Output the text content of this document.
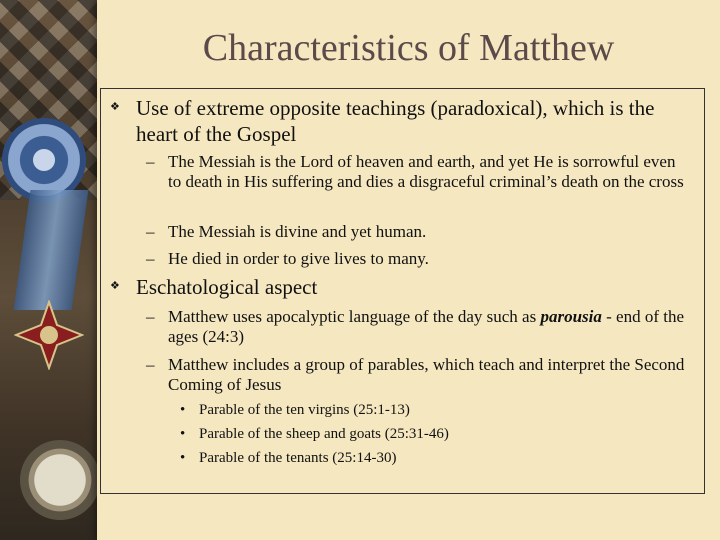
Characteristics of Matthew
❖ Use of extreme opposite teachings (paradoxical), which is the heart of the Gospel
– The Messiah is the Lord of heaven and earth, and yet He is sorrowful even to death in His suffering and dies a disgraceful criminal’s death on the cross
– The Messiah is divine and yet human.
– He died in order to give lives to many.
❖ Eschatological aspect
– Matthew uses apocalyptic language of the day such as parousia - end of the ages (24:3)
– Matthew includes a group of parables, which teach and interpret the Second Coming of Jesus
• Parable of the ten virgins (25:1-13)
• Parable of the sheep and goats (25:31-46)
• Parable of the tenants (25:14-30)
